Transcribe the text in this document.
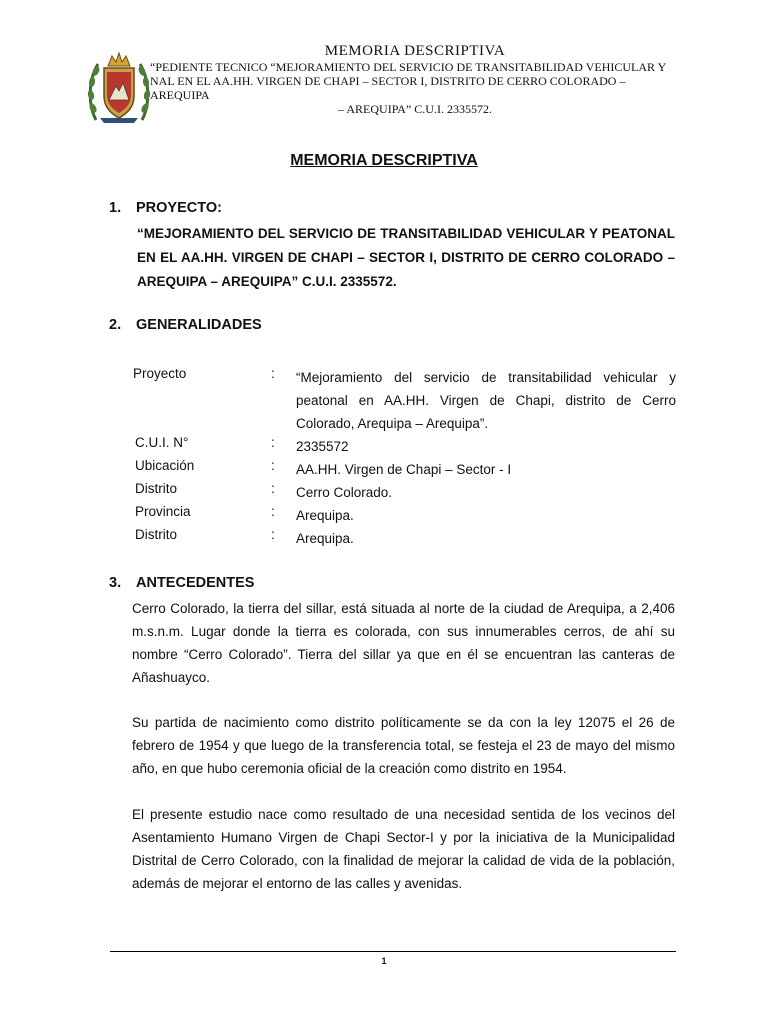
MEMORIA DESCRIPTIVA
“PEDIENTE TECNICO “MEJORAMIENTO DEL SERVICIO DE TRANSITABILIDAD VEHICULAR Y
NAL EN EL AA.HH. VIRGEN DE CHAPI – SECTOR I, DISTRITO DE CERRO COLORADO – AREQUIPA
– AREQUIPA” C.U.I. 2335572.
MEMORIA DESCRIPTIVA
1. PROYECTO:
“MEJORAMIENTO DEL SERVICIO DE TRANSITABILIDAD VEHICULAR Y PEATONAL EN EL AA.HH. VIRGEN DE CHAPI – SECTOR I, DISTRITO DE CERRO COLORADO – AREQUIPA – AREQUIPA” C.U.I. 2335572.
2. GENERALIDADES
Proyecto	: “Mejoramiento del servicio de transitabilidad vehicular y peatonal en AA.HH. Virgen de Chapi, distrito de Cerro Colorado, Arequipa – Arequipa”.
C.U.I. N°	: 2335572
Ubicación	: AA.HH. Virgen de Chapi – Sector - I
Distrito	: Cerro Colorado.
Provincia	: Arequipa.
Distrito	: Arequipa.
3. ANTECEDENTES
Cerro Colorado, la tierra del sillar, está situada al norte de la ciudad de Arequipa, a 2,406 m.s.n.m. Lugar donde la tierra es colorada, con sus innumerables cerros, de ahí su nombre “Cerro Colorado”. Tierra del sillar ya que en él se encuentran las canteras de Añashuayco.
Su partida de nacimiento como distrito políticamente se da con la ley 12075 el 26 de febrero de 1954 y que luego de la transferencia total, se festeja el 23 de mayo del mismo año, en que hubo ceremonia oficial de la creación como distrito en 1954.
El presente estudio nace como resultado de una necesidad sentida de los vecinos del Asentamiento Humano Virgen de Chapi Sector-I y por la iniciativa de la Municipalidad Distrital de Cerro Colorado, con la finalidad de mejorar la calidad de vida de la población, además de mejorar el entorno de las calles y avenidas.
1
